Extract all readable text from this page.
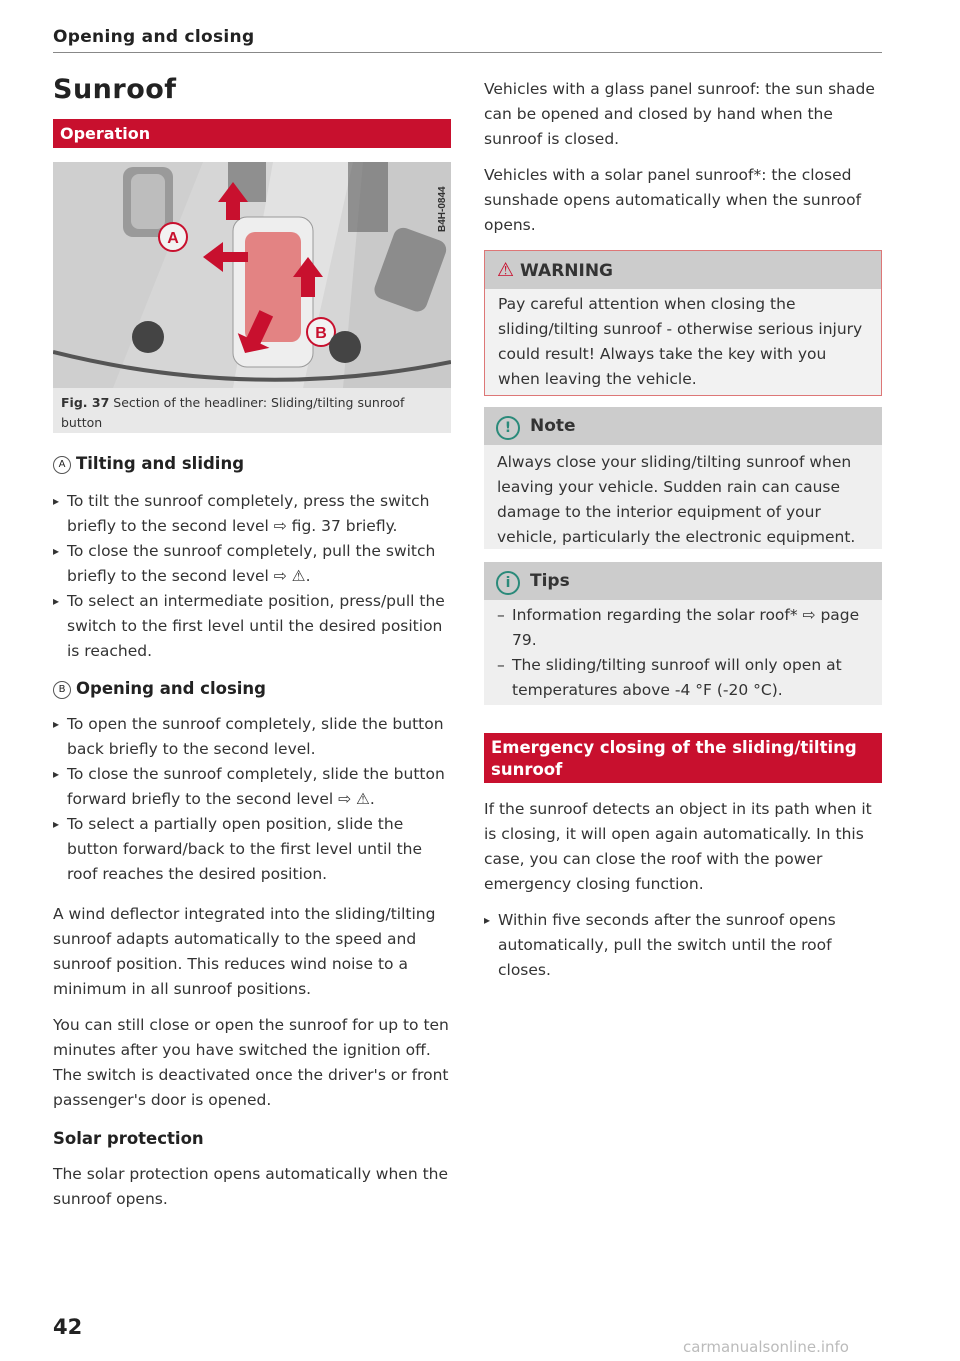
Opening and closing
Sunroof
Operation
A
B
B4H-0844
Fig. 37 Section of the headliner: Sliding/tilting sunroof button
A Tilting and sliding
▸ To tilt the sunroof completely, press the switch briefly to the second level ⇨ fig. 37 briefly.
▸ To close the sunroof completely, pull the switch briefly to the second level ⇨ ⚠.
▸ To select an intermediate position, press/pull the switch to the first level until the desired position is reached.
B Opening and closing
▸ To open the sunroof completely, slide the button back briefly to the second level.
▸ To close the sunroof completely, slide the button forward briefly to the second level ⇨ ⚠.
▸ To select a partially open position, slide the button forward/back to the first level until the roof reaches the desired position.
A wind deflector integrated into the sliding/tilting sunroof adapts automatically to the speed and sunroof position. This reduces wind noise to a minimum in all sunroof positions.
You can still close or open the sunroof for up to ten minutes after you have switched the ignition off. The switch is deactivated once the driver's or front passenger's door is opened.
Solar protection
The solar protection opens automatically when the sunroof opens.
Vehicles with a glass panel sunroof: the sun shade can be opened and closed by hand when the sunroof is closed.
Vehicles with a solar panel sunroof*: the closed sunshade opens automatically when the sunroof opens.
⚠ WARNING
Pay careful attention when closing the sliding/tilting sunroof - otherwise serious injury could result! Always take the key with you when leaving the vehicle.
! Note
Always close your sliding/tilting sunroof when leaving your vehicle. Sudden rain can cause damage to the interior equipment of your vehicle, particularly the electronic equipment.
i Tips
– Information regarding the solar roof* ⇨ page 79.
– The sliding/tilting sunroof will only open at temperatures above -4 °F (-20 °C).
Emergency closing of the sliding/tilting sunroof
If the sunroof detects an object in its path when it is closing, it will open again automatically. In this case, you can close the roof with the power emergency closing function.
▸ Within five seconds after the sunroof opens automatically, pull the switch until the roof closes.
42
carmanualsonline.info
